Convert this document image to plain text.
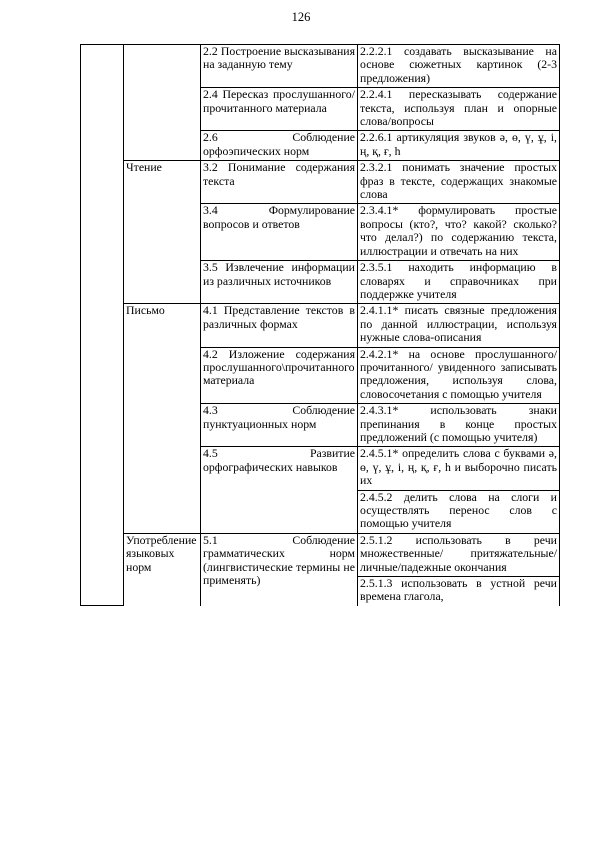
126
		2.2 Построение высказывания на заданную тему	2.2.2.1 создавать высказывание на основе сюжетных картинок (2-3 предложения)
		2.4 Пересказ прослушанного/прочитанного материала	2.2.4.1 пересказывать содержание текста, используя план и опорные слова/вопросы
		2.6 Соблюдение орфоэпических норм	2.2.6.1 артикуляция звуков ә, ө, ү, ұ, і, ң, қ, ғ, һ
	Чтение	3.2 Понимание содержания текста	2.3.2.1 понимать значение простых фраз в тексте, содержащих знакомые слова
		3.4 Формулирование вопросов и ответов	2.3.4.1* формулировать простые вопросы (кто?, что? какой? сколько? что делал?) по содержанию текста, иллюстрации и отвечать на них
		3.5 Извлечение информации из различных источников	2.3.5.1 находить информацию в словарях и справочниках при поддержке учителя
	Письмо	4.1 Представление текстов в различных формах	2.4.1.1* писать связные предложения по данной иллюстрации, используя нужные слова-описания
		4.2 Изложение содержания прослушанного\прочитанного материала	2.4.2.1* на основе прослушанного/ прочитанного/ увиденного записывать предложения, используя слова, словосочетания с помощью учителя
		4.3 Соблюдение пунктуационных норм	2.4.3.1* использовать знаки препинания в конце простых предложений (с помощью учителя)
		4.5 Развитие орфографических навыков	2.4.5.1* определить слова с буквами ә, ө, ү, ұ, і, ң, қ, ғ, һ и выборочно писать их
			2.4.5.2 делить слова на слоги и осуществлять перенос слов с помощью учителя
	Употребление языковых норм	5.1 Соблюдение грамматических норм (лингвистические термины не применять)	2.5.1.2 использовать в речи множественные/ притяжательные/ личные/падежные окончания
			2.5.1.3 использовать в устной речи времена глагола,
